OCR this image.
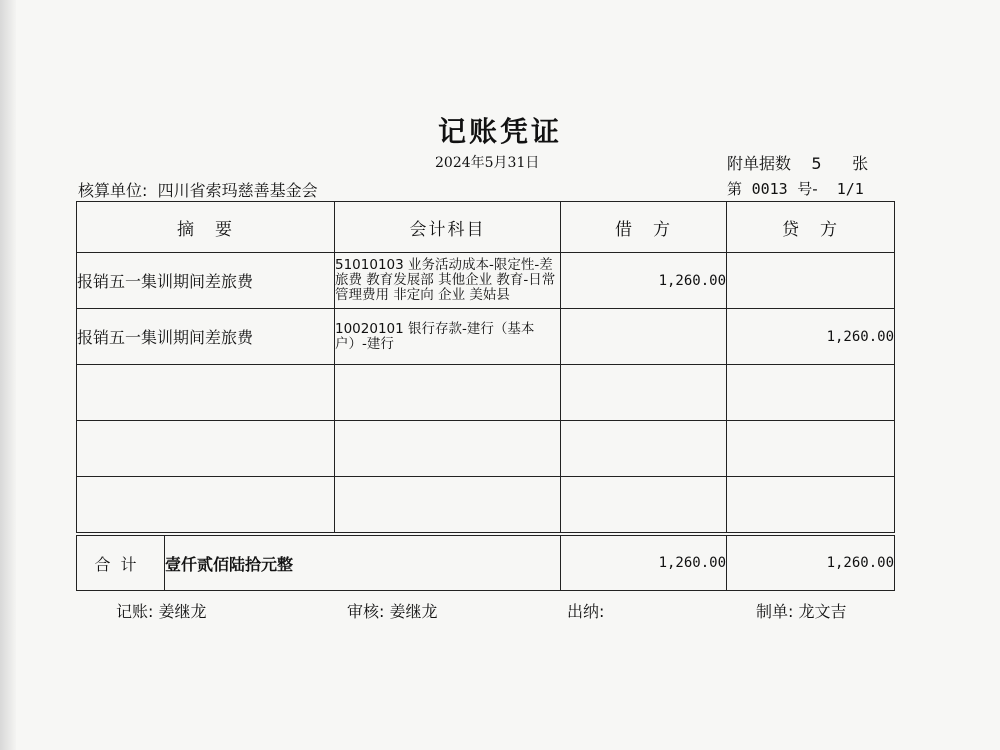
记账凭证
2024年5月31日	附单据数 5 张
核算单位: 四川省索玛慈善基金会	第 0013 号- 1/1
摘　要	会计科目	借　方	贷　方
报销五一集训期间差旅费	51010103 业务活动成本-限定性-差旅费 教育发展部 其他企业 教育-日常管理费用 非定向 企业 美姑县	1,260.00	
报销五一集训期间差旅费	10020101 银行存款-建行（基本户）-建行		1,260.00

合计	壹仟贰佰陆拾元整	1,260.00	1,260.00
记账: 姜继龙	审核: 姜继龙	出纳:	制单: 龙文吉
